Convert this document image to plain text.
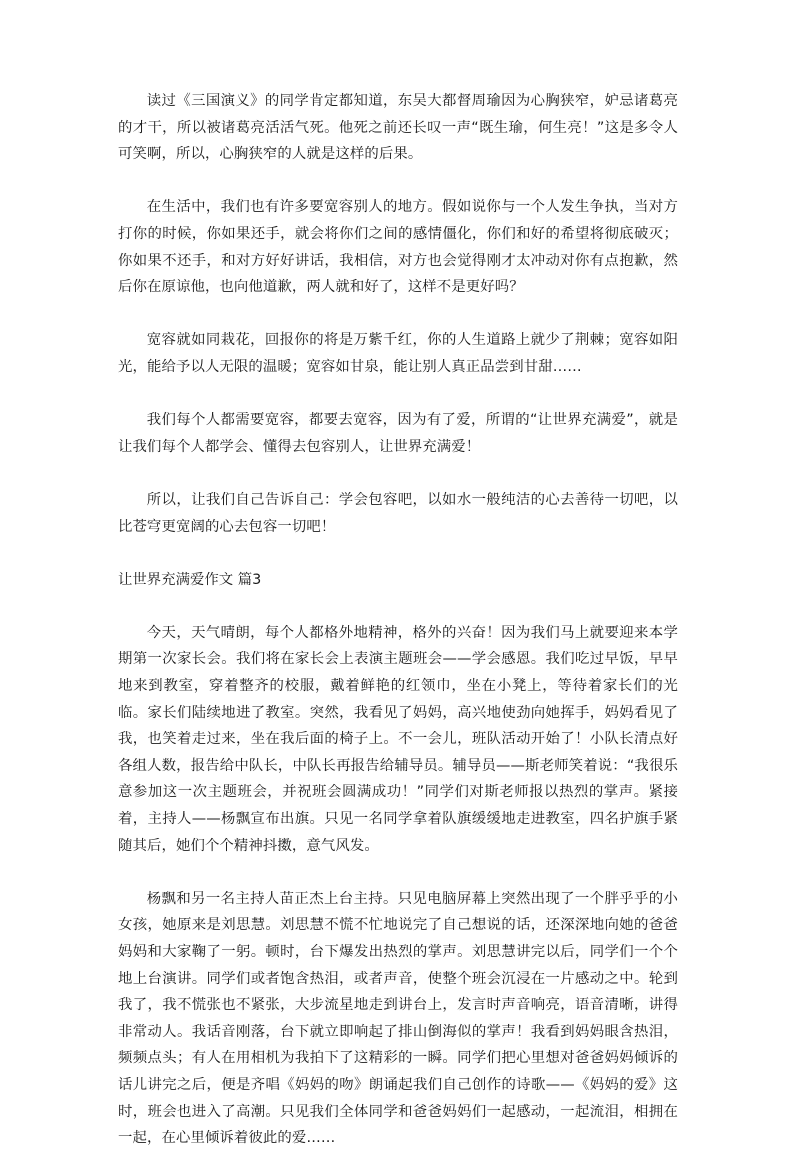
读过《三国演义》的同学肯定都知道，东吴大都督周瑜因为心胸狭窄，妒忌诸葛亮的才干，所以被诸葛亮活活气死。他死之前还长叹一声“既生瑜，何生亮！”这是多令人可笑啊，所以，心胸狭窄的人就是这样的后果。

在生活中，我们也有许多要宽容别人的地方。假如说你与一个人发生争执，当对方打你的时候，你如果还手，就会将你们之间的感情僵化，你们和好的希望将彻底破灭；你如果不还手，和对方好好讲话，我相信，对方也会觉得刚才太冲动对你有点抱歉，然后你在原谅他，也向他道歉，两人就和好了，这样不是更好吗？

宽容就如同栽花，回报你的将是万紫千红，你的人生道路上就少了荆棘；宽容如阳光，能给予以人无限的温暖；宽容如甘泉，能让别人真正品尝到甘甜……

我们每个人都需要宽容，都要去宽容，因为有了爱，所谓的“让世界充满爱”，就是让我们每个人都学会、懂得去包容别人，让世界充满爱！

所以，让我们自己告诉自己：学会包容吧，以如水一般纯洁的心去善待一切吧，以比苍穹更宽阔的心去包容一切吧！

让世界充满爱作文 篇3

今天，天气晴朗，每个人都格外地精神，格外的兴奋！因为我们马上就要迎来本学期第一次家长会。我们将在家长会上表演主题班会——学会感恩。我们吃过早饭，早早地来到教室，穿着整齐的校服，戴着鲜艳的红领巾，坐在小凳上，等待着家长们的光临。家长们陆续地进了教室。突然，我看见了妈妈，高兴地使劲向她挥手，妈妈看见了我，也笑着走过来，坐在我后面的椅子上。不一会儿，班队活动开始了！小队长清点好各组人数，报告给中队长，中队长再报告给辅导员。辅导员——斯老师笑着说：“我很乐意参加这一次主题班会，并祝班会圆满成功！”同学们对斯老师报以热烈的掌声。紧接着，主持人——杨飘宣布出旗。只见一名同学拿着队旗缓缓地走进教室，四名护旗手紧随其后，她们个个精神抖擞，意气风发。

杨飘和另一名主持人苗正杰上台主持。只见电脑屏幕上突然出现了一个胖乎乎的小女孩，她原来是刘思慧。刘思慧不慌不忙地说完了自己想说的话，还深深地向她的爸爸妈妈和大家鞠了一躬。顿时，台下爆发出热烈的掌声。刘思慧讲完以后，同学们一个个地上台演讲。同学们或者饱含热泪，或者声音，使整个班会沉浸在一片感动之中。轮到我了，我不慌张也不紧张，大步流星地走到讲台上，发言时声音响亮，语音清晰，讲得非常动人。我话音刚落，台下就立即响起了排山倒海似的掌声！我看到妈妈眼含热泪，频频点头；有人在用相机为我拍下了这精彩的一瞬。同学们把心里想对爸爸妈妈倾诉的话儿讲完之后，便是齐唱《妈妈的吻》朗诵起我们自己创作的诗歌——《妈妈的爱》这时，班会也进入了高潮。只见我们全体同学和爸爸妈妈们一起感动，一起流泪，相拥在一起，在心里倾诉着彼此的爱……
